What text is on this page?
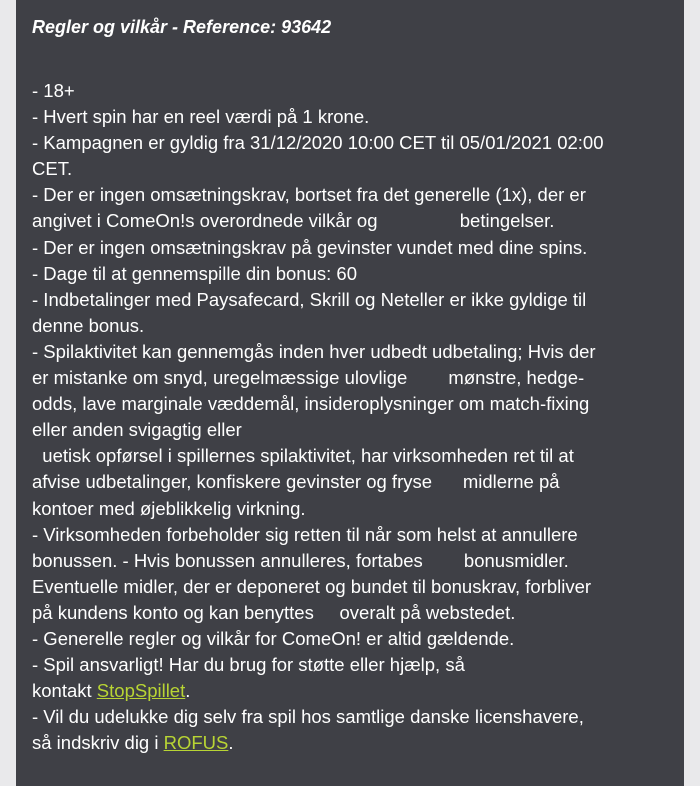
Regler og vilkår - Reference: 93642
- 18+
- Hvert spin har en reel værdi på 1 krone.
- Kampagnen er gyldig fra 31/12/2020 10:00 CET til 05/01/2021 02:00
CET.
- Der er ingen omsætningskrav, bortset fra det generelle (1x), der er
angivet i ComeOn!s overordnede vilkår og                betingelser.
- Der er ingen omsætningskrav på gevinster vundet med dine spins.
- Dage til at gennemspille din bonus: 60
- Indbetalinger med Paysafecard, Skrill og Neteller er ikke gyldige til
denne bonus.
- Spilaktivitet kan gennemgås inden hver udbedt udbetaling; Hvis der
er mistanke om snyd, uregelmæssige ulovlige        mønstre, hedge-
odds, lave marginale væddemål, insideroplysninger om match-fixing
eller anden svigagtig eller
uetisk opførsel i spillernes spilaktivitet, har virksomheden ret til at
afvise udbetalinger, konfiskere gevinster og fryse      midlerne på
kontoer med øjeblikkelig virkning.
- Virksomheden forbeholder sig retten til når som helst at annullere
bonussen. - Hvis bonussen annulleres, fortabes        bonusmidler.
Eventuelle midler, der er deponeret og bundet til bonuskrav, forbliver
på kundens konto og kan benyttes     overalt på webstedet.
- Generelle regler og vilkår for ComeOn! er altid gældende.
- Spil ansvarligt! Har du brug for støtte eller hjælp, så
kontakt StopSpillet.
- Vil du udelukke dig selv fra spil hos samtlige danske licenshavere,
så indskriv dig i ROFUS.
